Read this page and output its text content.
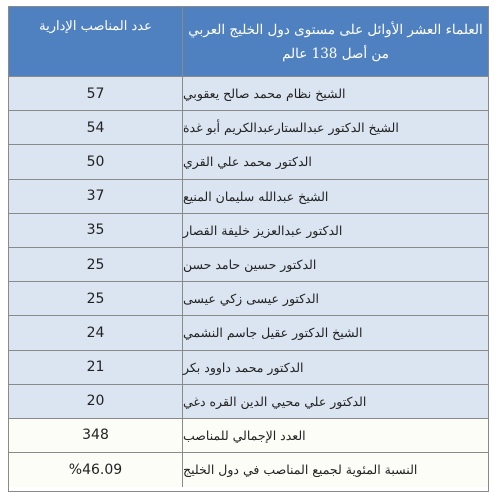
عدد المناصب الإدارية	العلماء العشر الأوائل على مستوى دول الخليج العربي
من أصل 138 عالم
57	الشيخ نظام محمد صالح يعقوبي
54	الشيخ الدكتور عبدالستارعبدالكريم أبو غدة
50	الدكتور محمد علي القري
37	الشيخ عبدالله سليمان المنيع
35	الدكتور عبدالعزيز خليفة القصار
25	الدكتور حسين حامد حسن
25	الدكتور عيسى زكي عيسى
24	الشيخ الدكتور عقيل جاسم النشمي
21	الدكتور محمد داوود بكر
20	الدكتور علي محيي الدين القره دغي
348	العدد الإجمالي للمناصب
%46.09	النسبة المئوية لجميع المناصب في دول الخليج
